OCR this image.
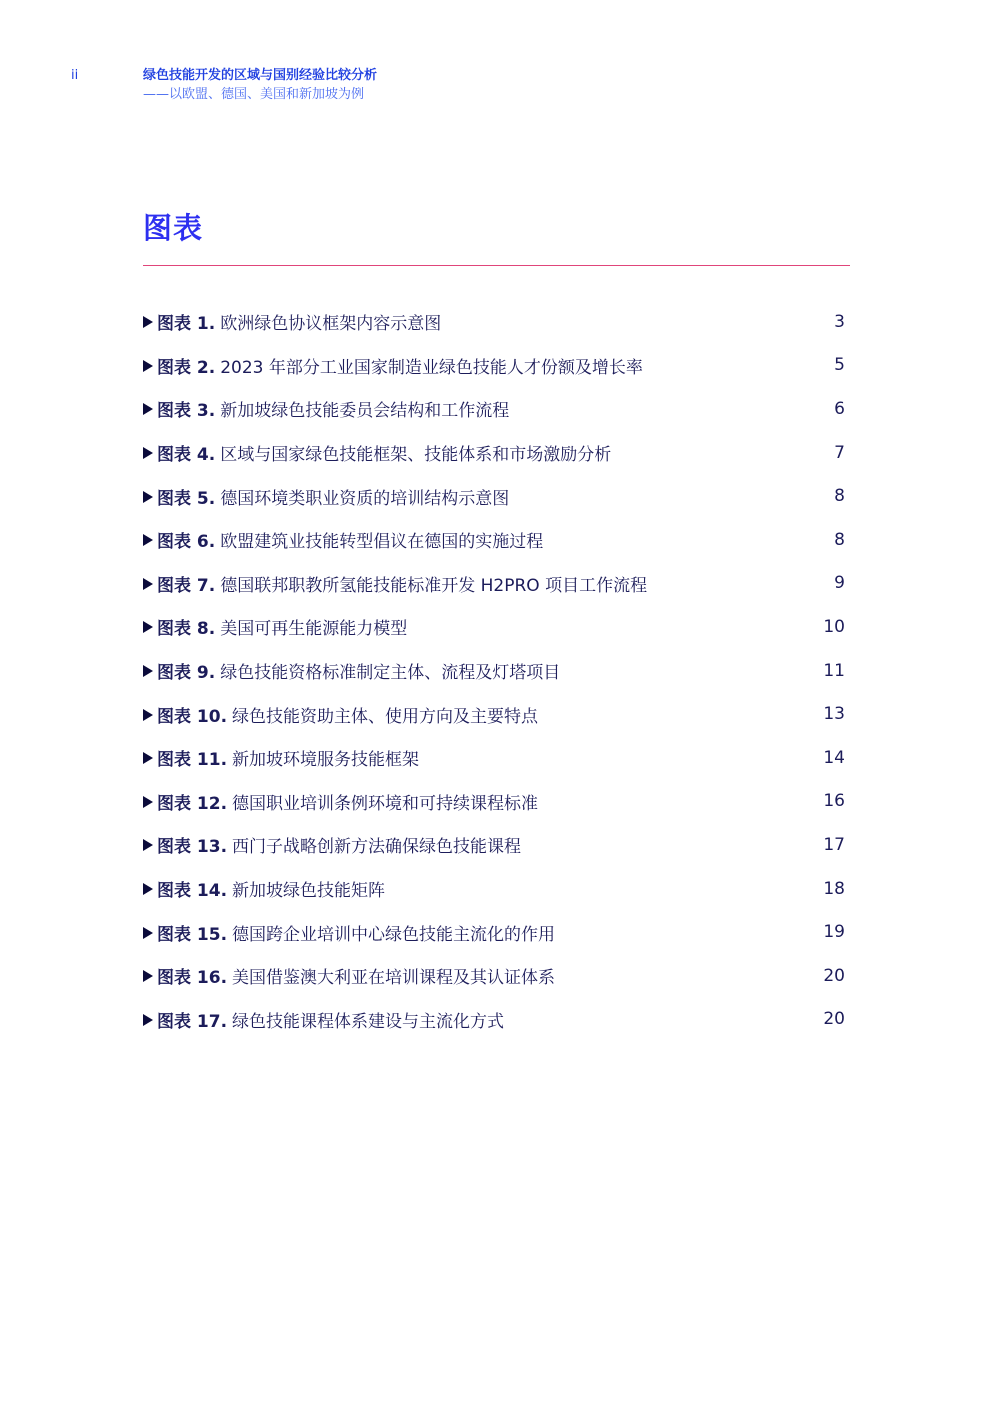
ii	绿色技能开发的区域与国别经验比较分析
——以欧盟、德国、美国和新加坡为例
图表
图表 1. 欧洲绿色协议框架内容示意图	3
图表 2. 2023 年部分工业国家制造业绿色技能人才份额及增长率	5
图表 3. 新加坡绿色技能委员会结构和工作流程	6
图表 4. 区域与国家绿色技能框架、技能体系和市场激励分析	7
图表 5. 德国环境类职业资质的培训结构示意图	8
图表 6. 欧盟建筑业技能转型倡议在德国的实施过程	8
图表 7. 德国联邦职教所氢能技能标准开发 H2PRO 项目工作流程	9
图表 8. 美国可再生能源能力模型	10
图表 9. 绿色技能资格标准制定主体、流程及灯塔项目	11
图表 10. 绿色技能资助主体、使用方向及主要特点	13
图表 11. 新加坡环境服务技能框架	14
图表 12. 德国职业培训条例环境和可持续课程标准	16
图表 13. 西门子战略创新方法确保绿色技能课程	17
图表 14. 新加坡绿色技能矩阵	18
图表 15. 德国跨企业培训中心绿色技能主流化的作用	19
图表 16. 美国借鉴澳大利亚在培训课程及其认证体系	20
图表 17. 绿色技能课程体系建设与主流化方式	20
